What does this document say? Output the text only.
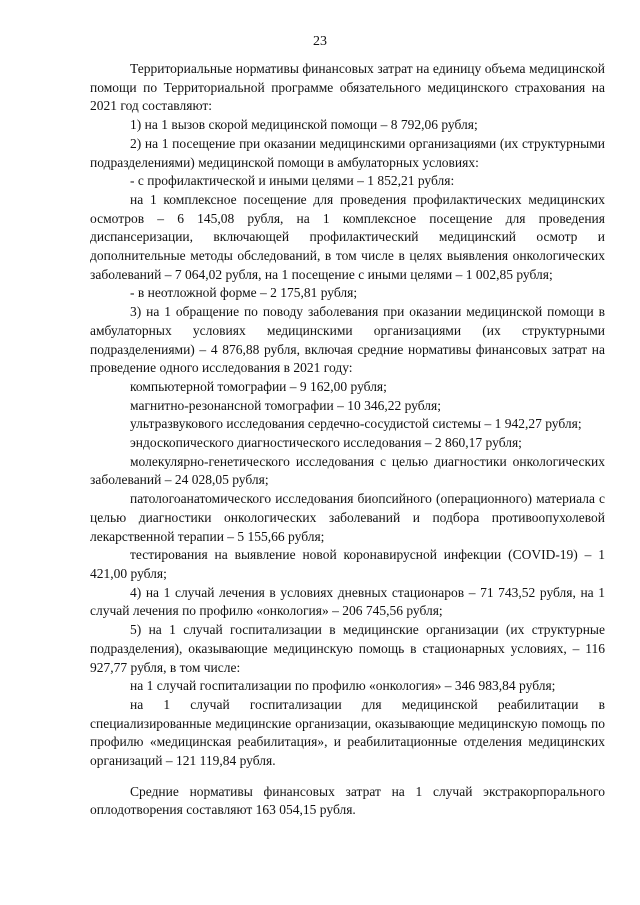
23

Территориальные нормативы финансовых затрат на единицу объема медицинской помощи по Территориальной программе обязательного медицинского страхования на 2021 год составляют:

1) на 1 вызов скорой медицинской помощи – 8 792,06 рубля;

2) на 1 посещение при оказании медицинскими организациями (их структурными подразделениями) медицинской помощи в амбулаторных условиях:

- с профилактической и иными целями – 1 852,21 рубля:

на 1 комплексное посещение для проведения профилактических медицинских осмотров – 6 145,08 рубля, на 1 комплексное посещение для проведения диспансеризации, включающей профилактический медицинский осмотр и дополнительные методы обследований, в том числе в целях выявления онкологических заболеваний – 7 064,02 рубля, на 1 посещение с иными целями – 1 002,85 рубля;

- в неотложной форме – 2 175,81 рубля;

3) на 1 обращение по поводу заболевания при оказании медицинской помощи в амбулаторных условиях медицинскими организациями (их структурными подразделениями) – 4 876,88 рубля, включая средние нормативы финансовых затрат на проведение одного исследования в 2021 году:

компьютерной томографии – 9 162,00 рубля;

магнитно-резонансной томографии – 10 346,22 рубля;

ультразвукового исследования сердечно-сосудистой системы – 1 942,27 рубля;

эндоскопического диагностического исследования – 2 860,17 рубля;

молекулярно-генетического исследования с целью диагностики онкологических заболеваний – 24 028,05 рубля;

патологоанатомического исследования биопсийного (операционного) материала с целью диагностики онкологических заболеваний и подбора противоопухолевой лекарственной терапии – 5 155,66 рубля;

тестирования на выявление новой коронавирусной инфекции (COVID-19) – 1 421,00 рубля;

4) на 1 случай лечения в условиях дневных стационаров – 71 743,52 рубля, на 1 случай лечения по профилю «онкология» – 206 745,56 рубля;

5) на 1 случай госпитализации в медицинские организации (их структурные подразделения), оказывающие медицинскую помощь в стационарных условиях, – 116 927,77 рубля, в том числе:

на 1 случай госпитализации по профилю «онкология» – 346 983,84 рубля;

на 1 случай госпитализации для медицинской реабилитации в специализированные медицинские организации, оказывающие медицинскую помощь по профилю «медицинская реабилитация», и реабилитационные отделения медицинских организаций – 121 119,84 рубля.

Средние нормативы финансовых затрат на 1 случай экстракорпорального оплодотворения составляют 163 054,15 рубля.
